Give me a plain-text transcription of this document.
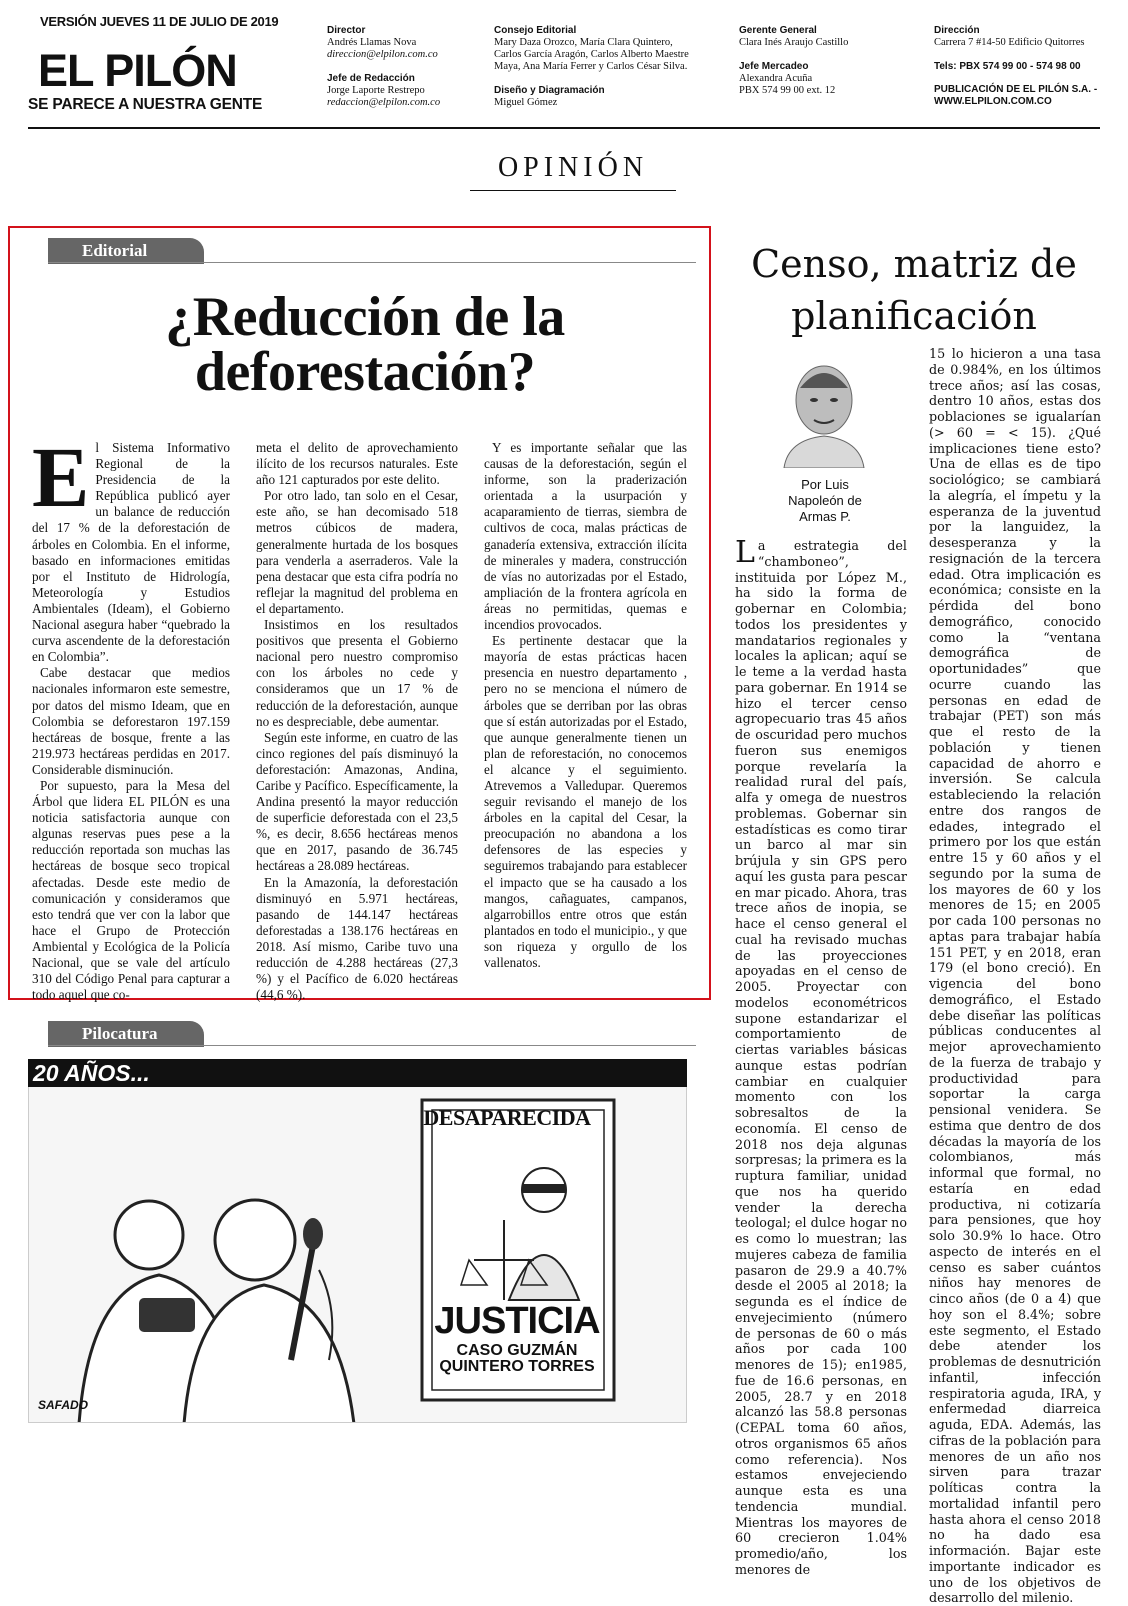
VERSIÓN JUEVES 11 DE JULIO DE 2019
EL PILÓN
SE PARECE A NUESTRA GENTE
Director
Andrés Llamas Nova
direccion@elpilon.com.co
Jefe de Redacción
Jorge Laporte Restrepo
redaccion@elpilon.com.co
Consejo Editorial
Mary Daza Orozco, María Clara Quintero,
Carlos García Aragón, Carlos Alberto Maestre
Maya, Ana María Ferrer y Carlos César Silva.
Diseño y Diagramación
Miguel Gómez
Gerente General
Clara Inés Araujo Castillo
Jefe Mercadeo
Alexandra Acuña
PBX 574 99 00 ext. 12
Dirección
Carrera 7 #14-50 Edificio Quitorres
Tels: PBX 574 99 00 - 574 98 00
PUBLICACIÓN DE EL PILÓN S.A. -
WWW.ELPILON.COM.CO
OPINIÓN
Editorial
¿Reducción de la deforestación?
E l Sistema Informativo Regional de la Presidencia de la República publicó ayer un balance de reducción del 17 % de la deforestación de árboles en Colombia. En el informe, basado en informaciones emitidas por el Instituto de Hidrología, Meteorología y Estudios Ambientales (Ideam), el Gobierno Nacional asegura haber “quebrado la curva ascendente de la deforestación en Colombia”.

Cabe destacar que medios nacionales informaron este semestre, por datos del mismo Ideam, que en Colombia se deforestaron 197.159 hectáreas de bosque, frente a las 219.973 hectáreas perdidas en 2017. Considerable disminución.

Por supuesto, para la Mesa del Árbol que lidera EL PILÓN es una noticia satisfactoria aunque con algunas reservas pues pese a la reducción reportada son muchas las hectáreas de bosque seco tropical afectadas. Desde este medio de comunicación y consideramos que esto tendrá que ver con la labor que hace el Grupo de Protección Ambiental y Ecológica de la Policía Nacional, que se vale del artículo 310 del Código Penal para capturar a todo aquel que co-

meta el delito de aprovechamiento ilícito de los recursos naturales. Este año 121 capturados por este delito.

Por otro lado, tan solo en el Cesar, este año, se han decomisado 518 metros cúbicos de madera, generalmente hurtada de los bosques para venderla a aserraderos. Vale la pena destacar que esta cifra podría no reflejar la magnitud del problema en el departamento.

Insistimos en los resultados positivos que presenta el Gobierno nacional pero nuestro compromiso con los árboles no cede y consideramos que un 17 % de reducción de la deforestación, aunque no es despreciable, debe aumentar.

Según este informe, en cuatro de las cinco regiones del país disminuyó la deforestación: Amazonas, Andina, Caribe y Pacífico. Específicamente, la Andina presentó la mayor reducción de superficie deforestada con el 23,5 %, es decir, 8.656 hectáreas menos que en 2017, pasando de 36.745 hectáreas a 28.089 hectáreas.

En la Amazonía, la deforestación disminuyó en 5.971 hectáreas, pasando de 144.147 hectáreas deforestadas a 138.176 hectáreas en 2018. Así mismo, Caribe tuvo una reducción de 4.288 hectáreas (27,3 %) y el Pacífico de 6.020 hectáreas (44,6 %).

Y es importante señalar que las causas de la deforestación, según el informe, son la praderización orientada a la usurpación y acaparamiento de tierras, siembra de cultivos de coca, malas prácticas de ganadería extensiva, extracción ilícita de minerales y madera, construcción de vías no autorizadas por el Estado, ampliación de la frontera agrícola en áreas no permitidas, quemas e incendios provocados.

Es pertinente destacar que la mayoría de estas prácticas hacen presencia en nuestro departamento , pero no se menciona el número de árboles que se derriban por las obras que sí están autorizadas por el Estado, que aunque generalmente tienen un plan de reforestación, no conocemos el alcance y el seguimiento. Atrevemos a Valledupar. Queremos seguir revisando el manejo de los árboles en la capital del Cesar, la preocupación no abandona a los defensores de las especies y seguiremos trabajando para establecer el impacto que se ha causado a los mangos, cañaguates, campanos, algarrobillos entre otros que están plantados en todo el municipio., y que son riqueza y orgullo de los vallenatos.

Pilocatura
20 AÑOS...
DESAPARECIDA
JUSTICIA
CASO GUZMÁN
QUINTERO TORRES
SAFADO
Censo, matriz de planificación
Por Luis
Napoleón de
Armas P.
L a estrategia del “chamboneo”, instituida por López M., ha sido la forma de gobernar en Colombia; todos los presidentes y mandatarios regionales y locales la aplican; aquí se le teme a la verdad hasta para gobernar. En 1914 se hizo el tercer censo agropecuario tras 45 años de oscuridad pero muchos fueron sus enemigos porque revelaría la realidad rural del país, alfa y omega de nuestros problemas. Gobernar sin estadísticas es como tirar un barco al mar sin brújula y sin GPS pero aquí les gusta para pescar en mar picado. Ahora, tras trece años de inopia, se hace el censo general el cual ha revisado muchas de las proyecciones apoyadas en el censo de 2005. Proyectar con modelos econométricos supone estandarizar el comportamiento de ciertas variables básicas aunque estas podrían cambiar en cualquier momento con los sobresaltos de la economía. El censo de 2018 nos deja algunas sorpresas; la primera es la ruptura familiar, unidad que nos ha querido vender la derecha teologal; el dulce hogar no es como lo muestran; las mujeres cabeza de familia pasaron de 29.9 a 40.7% desde el 2005 al 2018; la segunda es el índice de envejecimiento (número de personas de 60 o más años por cada 100 menores de 15); en1985, fue de 16.6 personas, en 2005, 28.7 y en 2018 alcanzó las 58.8 personas (CEPAL toma 60 años, otros organismos 65 años como referencia). Nos estamos envejeciendo aunque esta es una tendencia mundial. Mientras los mayores de 60 crecieron 1.04% promedio/año, los menores de

15 lo hicieron a una tasa de 0.984%, en los últimos trece años; así las cosas, dentro 10 años, estas dos poblaciones se igualarían (> 60 = < 15). ¿Qué implicaciones tiene esto? Una de ellas es de tipo sociológico; se cambiará la alegría, el ímpetu y la esperanza de la juventud por la languidez, la desesperanza y la resignación de la tercera edad. Otra implicación es económica; consiste en la pérdida del bono demográfico, conocido como la “ventana demográfica de oportunidades” que ocurre cuando las personas en edad de trabajar (PET) son más que el resto de la población y tienen capacidad de ahorro e inversión. Se calcula estableciendo la relación entre dos rangos de edades, integrado el primero por los que están entre 15 y 60 años y el segundo por la suma de los mayores de 60 y los menores de 15; en 2005 por cada 100 personas no aptas para trabajar había 151 PET, y en 2018, eran 179 (el bono creció). En vigencia del bono demográfico, el Estado debe diseñar las políticas públicas conducentes al mejor aprovechamiento de la fuerza de trabajo y productividad para soportar la carga pensional venidera. Se estima que dentro de dos décadas la mayoría de los colombianos, más informal que formal, no estaría en edad productiva, ni cotizaría para pensiones, que hoy solo 30.9% lo hace. Otro aspecto de interés en el censo es saber cuántos niños hay menores de cinco años (de 0 a 4) que hoy son el 8.4%; sobre este segmento, el Estado debe atender los problemas de desnutrición infantil, infección respiratoria aguda, IRA, y enfermedad diarreica aguda, EDA. Además, las cifras de la población para menores de un año nos sirven para trazar políticas contra la mortalidad infantil pero hasta ahora el censo 2018 no ha dado esa información. Bajar este importante indicador es uno de los objetivos de desarrollo del milenio.
